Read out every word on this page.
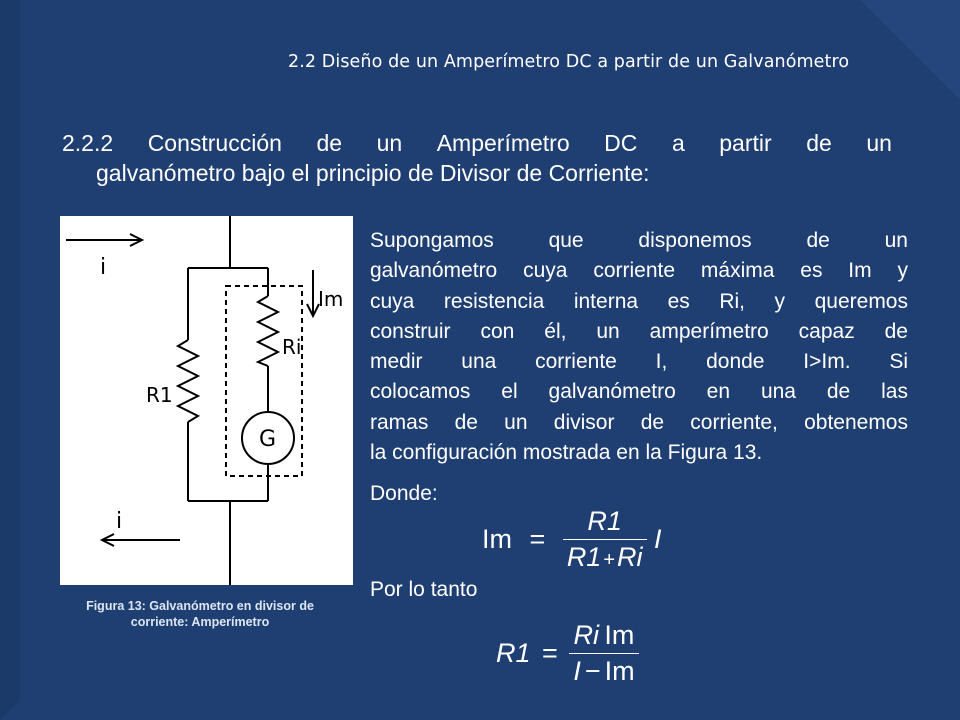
2.2 Diseño de un Amperímetro DC a partir de un Galvanómetro
2.2.2 Construcción de un Amperímetro DC a partir de un
galvanómetro bajo el principio de Divisor de Corriente:
i
i
Im
R1
Ri
G
Figura 13: Galvanómetro en divisor de
corriente: Amperímetro
Supongamos que disponemos de un
galvanómetro cuya corriente máxima es Im y
cuya resistencia interna es Ri, y queremos
construir con él, un amperímetro capaz de
medir una corriente I, donde I>Im. Si
colocamos el galvanómetro en una de las
ramas de un divisor de corriente, obtenemos
la configuración mostrada en la Figura 13.
Donde:
$Im = \frac{R1}{R1 +Ri}$ I
Por lo tanto
$R1 = \frac{\text{Ri  Im}}{I - Im}$
